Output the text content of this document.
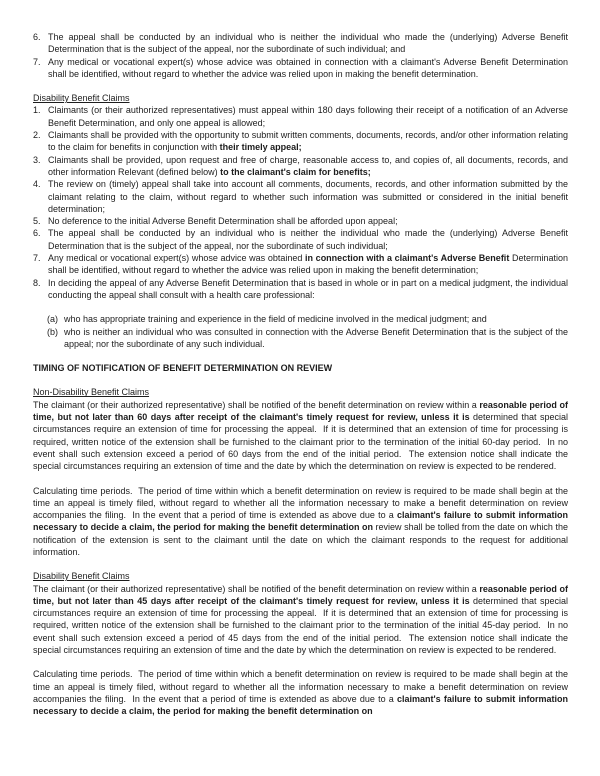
6. The appeal shall be conducted by an individual who is neither the individual who made the (underlying) Adverse Benefit Determination that is the subject of the appeal, nor the subordinate of such individual; and
7. Any medical or vocational expert(s) whose advice was obtained in connection with a claimant's Adverse Benefit Determination shall be identified, without regard to whether the advice was relied upon in making the benefit determination.
Disability Benefit Claims
1. Claimants (or their authorized representatives) must appeal within 180 days following their receipt of a notification of an Adverse Benefit Determination, and only one appeal is allowed;
2. Claimants shall be provided with the opportunity to submit written comments, documents, records, and/or other information relating to the claim for benefits in conjunction with their timely appeal;
3. Claimants shall be provided, upon request and free of charge, reasonable access to, and copies of, all documents, records, and other information Relevant (defined below) to the claimant's claim for benefits;
4. The review on (timely) appeal shall take into account all comments, documents, records, and other information submitted by the claimant relating to the claim, without regard to whether such information was submitted or considered in the initial benefit determination;
5. No deference to the initial Adverse Benefit Determination shall be afforded upon appeal;
6. The appeal shall be conducted by an individual who is neither the individual who made the (underlying) Adverse Benefit Determination that is the subject of the appeal, nor the subordinate of such individual;
7. Any medical or vocational expert(s) whose advice was obtained in connection with a claimant's Adverse Benefit Determination shall be identified, without regard to whether the advice was relied upon in making the benefit determination;
8. In deciding the appeal of any Adverse Benefit Determination that is based in whole or in part on a medical judgment, the individual conducting the appeal shall consult with a health care professional:
(a) who has appropriate training and experience in the field of medicine involved in the medical judgment; and
(b) who is neither an individual who was consulted in connection with the Adverse Benefit Determination that is the subject of the appeal; nor the subordinate of any such individual.
TIMING OF NOTIFICATION OF BENEFIT DETERMINATION ON REVIEW
Non-Disability Benefit Claims
The claimant (or their authorized representative) shall be notified of the benefit determination on review within a reasonable period of time, but not later than 60 days after receipt of the claimant's timely request for review, unless it is determined that special circumstances require an extension of time for processing the appeal.  If it is determined that an extension of time for processing is required, written notice of the extension shall be furnished to the claimant prior to the termination of the initial 60-day period.  In no event shall such extension exceed a period of 60 days from the end of the initial period.  The extension notice shall indicate the special circumstances requiring an extension of time and the date by which the determination on review is expected to be rendered.
Calculating time periods.  The period of time within which a benefit determination on review is required to be made shall begin at the time an appeal is timely filed, without regard to whether all the information necessary to make a benefit determination on review accompanies the filing.  In the event that a period of time is extended as above due to a claimant's failure to submit information necessary to decide a claim, the period for making the benefit determination on review shall be tolled from the date on which the notification of the extension is sent to the claimant until the date on which the claimant responds to the request for additional information.
Disability Benefit Claims
The claimant (or their authorized representative) shall be notified of the benefit determination on review within a reasonable period of time, but not later than 45 days after receipt of the claimant's timely request for review, unless it is determined that special circumstances require an extension of time for processing the appeal.  If it is determined that an extension of time for processing is required, written notice of the extension shall be furnished to the claimant prior to the termination of the initial 45-day period.  In no event shall such extension exceed a period of 45 days from the end of the initial period.  The extension notice shall indicate the special circumstances requiring an extension of time and the date by which the determination on review is expected to be rendered.
Calculating time periods.  The period of time within which a benefit determination on review is required to be made shall begin at the time an appeal is timely filed, without regard to whether all the information necessary to make a benefit determination on review accompanies the filing.  In the event that a period of time is extended as above due to a claimant's failure to submit information necessary to decide a claim, the period for making the benefit determination on
